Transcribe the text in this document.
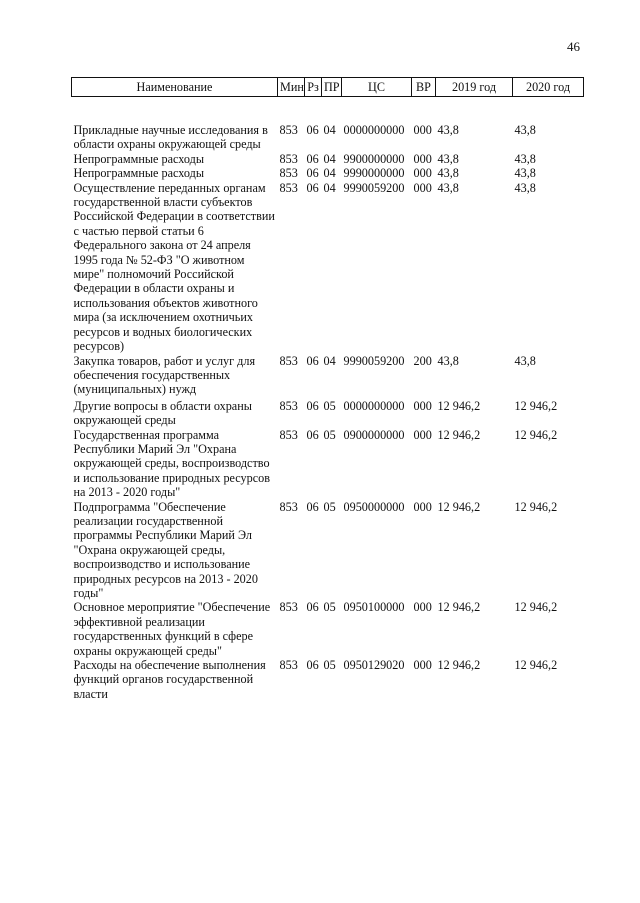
46
Наименование	Мин	Рз	ПР	ЦС	ВР	2019 год	2020 год
Прикладные научные исследования в области охраны окружающей среды	853	06	04	0000000000	000	43,8	43,8
Непрограммные расходы	853	06	04	9900000000	000	43,8	43,8
Непрограммные расходы	853	06	04	9990000000	000	43,8	43,8
Осуществление переданных органам государственной власти субъектов Российской Федерации в соответствии с частью первой статьи 6 Федерального закона от 24 апреля 1995 года № 52-ФЗ "О животном мире" полномочий Российской Федерации в области охраны и использования объектов животного мира (за исключением охотничьих ресурсов и водных биологических ресурсов)	853	06	04	9990059200	000	43,8	43,8
Закупка товаров, работ и услуг для обеспечения государственных (муниципальных) нужд	853	06	04	9990059200	200	43,8	43,8
Другие вопросы в области охраны окружающей среды	853	06	05	0000000000	000	12 946,2	12 946,2
Государственная программа Республики Марий Эл "Охрана окружающей среды, воспроизводство и использование природных ресурсов на 2013 - 2020 годы"	853	06	05	0900000000	000	12 946,2	12 946,2
Подпрограмма "Обеспечение реализации государственной программы Республики Марий Эл "Охрана окружающей среды, воспроизводство и использование природных ресурсов на 2013 - 2020 годы"	853	06	05	0950000000	000	12 946,2	12 946,2
Основное мероприятие "Обеспечение эффективной реализации государственных функций в сфере охраны окружающей среды"	853	06	05	0950100000	000	12 946,2	12 946,2
Расходы на обеспечение выполнения функций органов государственной власти	853	06	05	0950129020	000	12 946,2	12 946,2
